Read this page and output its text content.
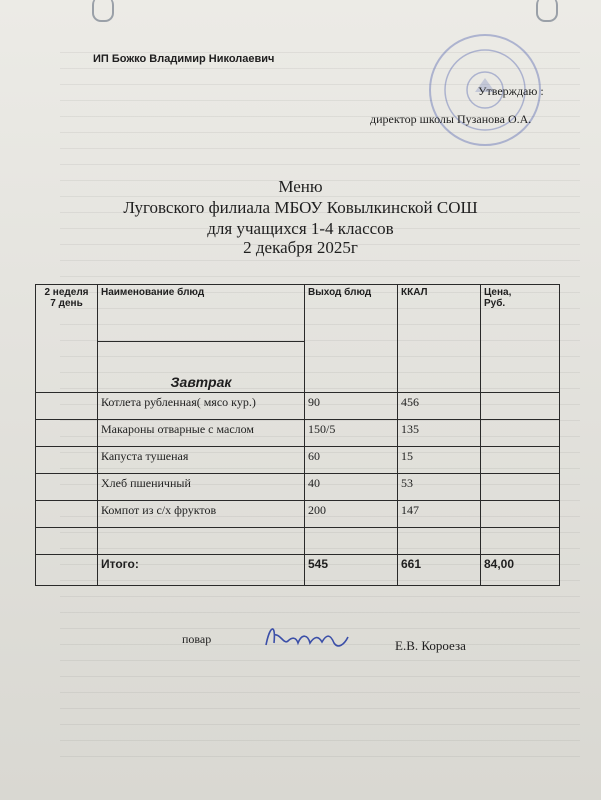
ИП Божко Владимир Николаевич
Утверждаю :
директор школы Пузанова О.А.
Меню
Луговского филиала МБОУ Ковылкинской СОШ
для учащихся 1-4 классов
2 декабря 2025г
2 неделя
7 день	Наименование блюд	Выход блюд	ККАЛ	Цена,
Руб.
	Завтрак			
	Котлета рубленная( мясо кур.)	90	456	
	Макароны отварные с маслом	150/5	135	
	Капуста тушеная	60	15	
	Хлеб пшеничный	40	53	
	Компот из с/х фруктов	200	147	

	Итого:	545	661	84,00
повар	Е.В. Короеза
